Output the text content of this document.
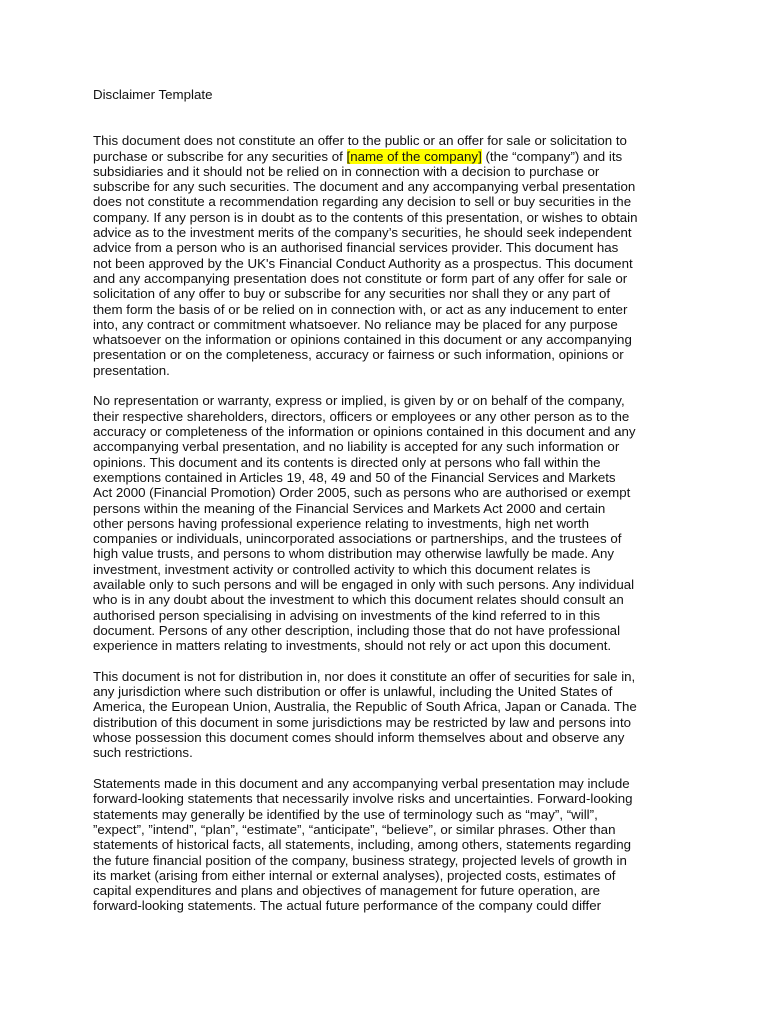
Disclaimer Template
This document does not constitute an offer to the public or an offer for sale or solicitation to
purchase or subscribe for any securities of [name of the company] (the “company”) and its
subsidiaries and it should not be relied on in connection with a decision to purchase or
subscribe for any such securities. The document and any accompanying verbal presentation
does not constitute a recommendation regarding any decision to sell or buy securities in the
company. If any person is in doubt as to the contents of this presentation, or wishes to obtain
advice as to the investment merits of the company’s securities, he should seek independent
advice from a person who is an authorised financial services provider. This document has
not been approved by the UK's Financial Conduct Authority as a prospectus. This document
and any accompanying presentation does not constitute or form part of any offer for sale or
solicitation of any offer to buy or subscribe for any securities nor shall they or any part of
them form the basis of or be relied on in connection with, or act as any inducement to enter
into, any contract or commitment whatsoever. No reliance may be placed for any purpose
whatsoever on the information or opinions contained in this document or any accompanying
presentation or on the completeness, accuracy or fairness or such information, opinions or
presentation.
No representation or warranty, express or implied, is given by or on behalf of the company,
their respective shareholders, directors, officers or employees or any other person as to the
accuracy or completeness of the information or opinions contained in this document and any
accompanying verbal presentation, and no liability is accepted for any such information or
opinions. This document and its contents is directed only at persons who fall within the
exemptions contained in Articles 19, 48, 49 and 50 of the Financial Services and Markets
Act 2000 (Financial Promotion) Order 2005, such as persons who are authorised or exempt
persons within the meaning of the Financial Services and Markets Act 2000 and certain
other persons having professional experience relating to investments, high net worth
companies or individuals, unincorporated associations or partnerships, and the trustees of
high value trusts, and persons to whom distribution may otherwise lawfully be made. Any
investment, investment activity or controlled activity to which this document relates is
available only to such persons and will be engaged in only with such persons. Any individual
who is in any doubt about the investment to which this document relates should consult an
authorised person specialising in advising on investments of the kind referred to in this
document. Persons of any other description, including those that do not have professional
experience in matters relating to investments, should not rely or act upon this document.
This document is not for distribution in, nor does it constitute an offer of securities for sale in,
any jurisdiction where such distribution or offer is unlawful, including the United States of
America, the European Union, Australia, the Republic of South Africa, Japan or Canada. The
distribution of this document in some jurisdictions may be restricted by law and persons into
whose possession this document comes should inform themselves about and observe any
such restrictions.
Statements made in this document and any accompanying verbal presentation may include
forward-looking statements that necessarily involve risks and uncertainties. Forward-looking
statements may generally be identified by the use of terminology such as “may”, “will”,
”expect”, ”intend”, “plan”, “estimate”, “anticipate”, “believe”, or similar phrases. Other than
statements of historical facts, all statements, including, among others, statements regarding
the future financial position of the company, business strategy, projected levels of growth in
its market (arising from either internal or external analyses), projected costs, estimates of
capital expenditures and plans and objectives of management for future operation, are
forward-looking statements. The actual future performance of the company could differ
